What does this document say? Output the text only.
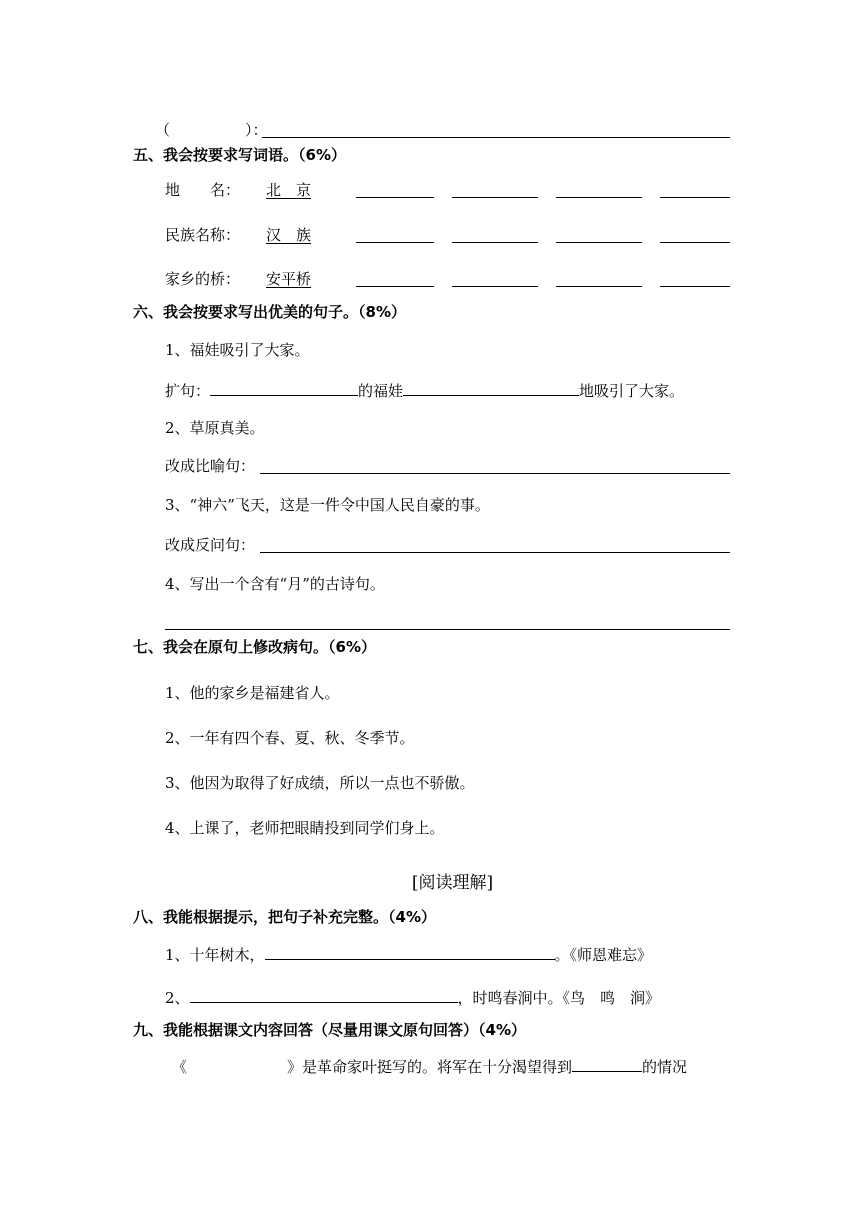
（　　　　　）：
五、我会按要求写词语。（6%）
地　　名：	北　京
民族名称：	汉　族
家乡的桥：	安平桥
六、我会按要求写出优美的句子。（8%）
1、福娃吸引了大家。
扩句：	的福娃	地吸引了大家。
2、草原真美。
改成比喻句：
3、“神六”飞天，这是一件令中国人民自豪的事。
改成反问句：
4、写出一个含有“月”的古诗句。
七、我会在原句上修改病句。（6%）
1、他的家乡是福建省人。
2、一年有四个春、夏、秋、冬季节。
3、他因为取得了好成绩，所以一点也不骄傲。
4、上课了，老师把眼睛投到同学们身上。
[阅读理解]
八、我能根据提示，把句子补充完整。（4%）
1、十年树木，	。《师恩难忘》
2、	，时鸣春涧中。《鸟　鸣　涧》
九、我能根据课文内容回答（尽量用课文原句回答）（4%）
《	》是革命家叶挺写的。将军在十分渴望得到	的情况
